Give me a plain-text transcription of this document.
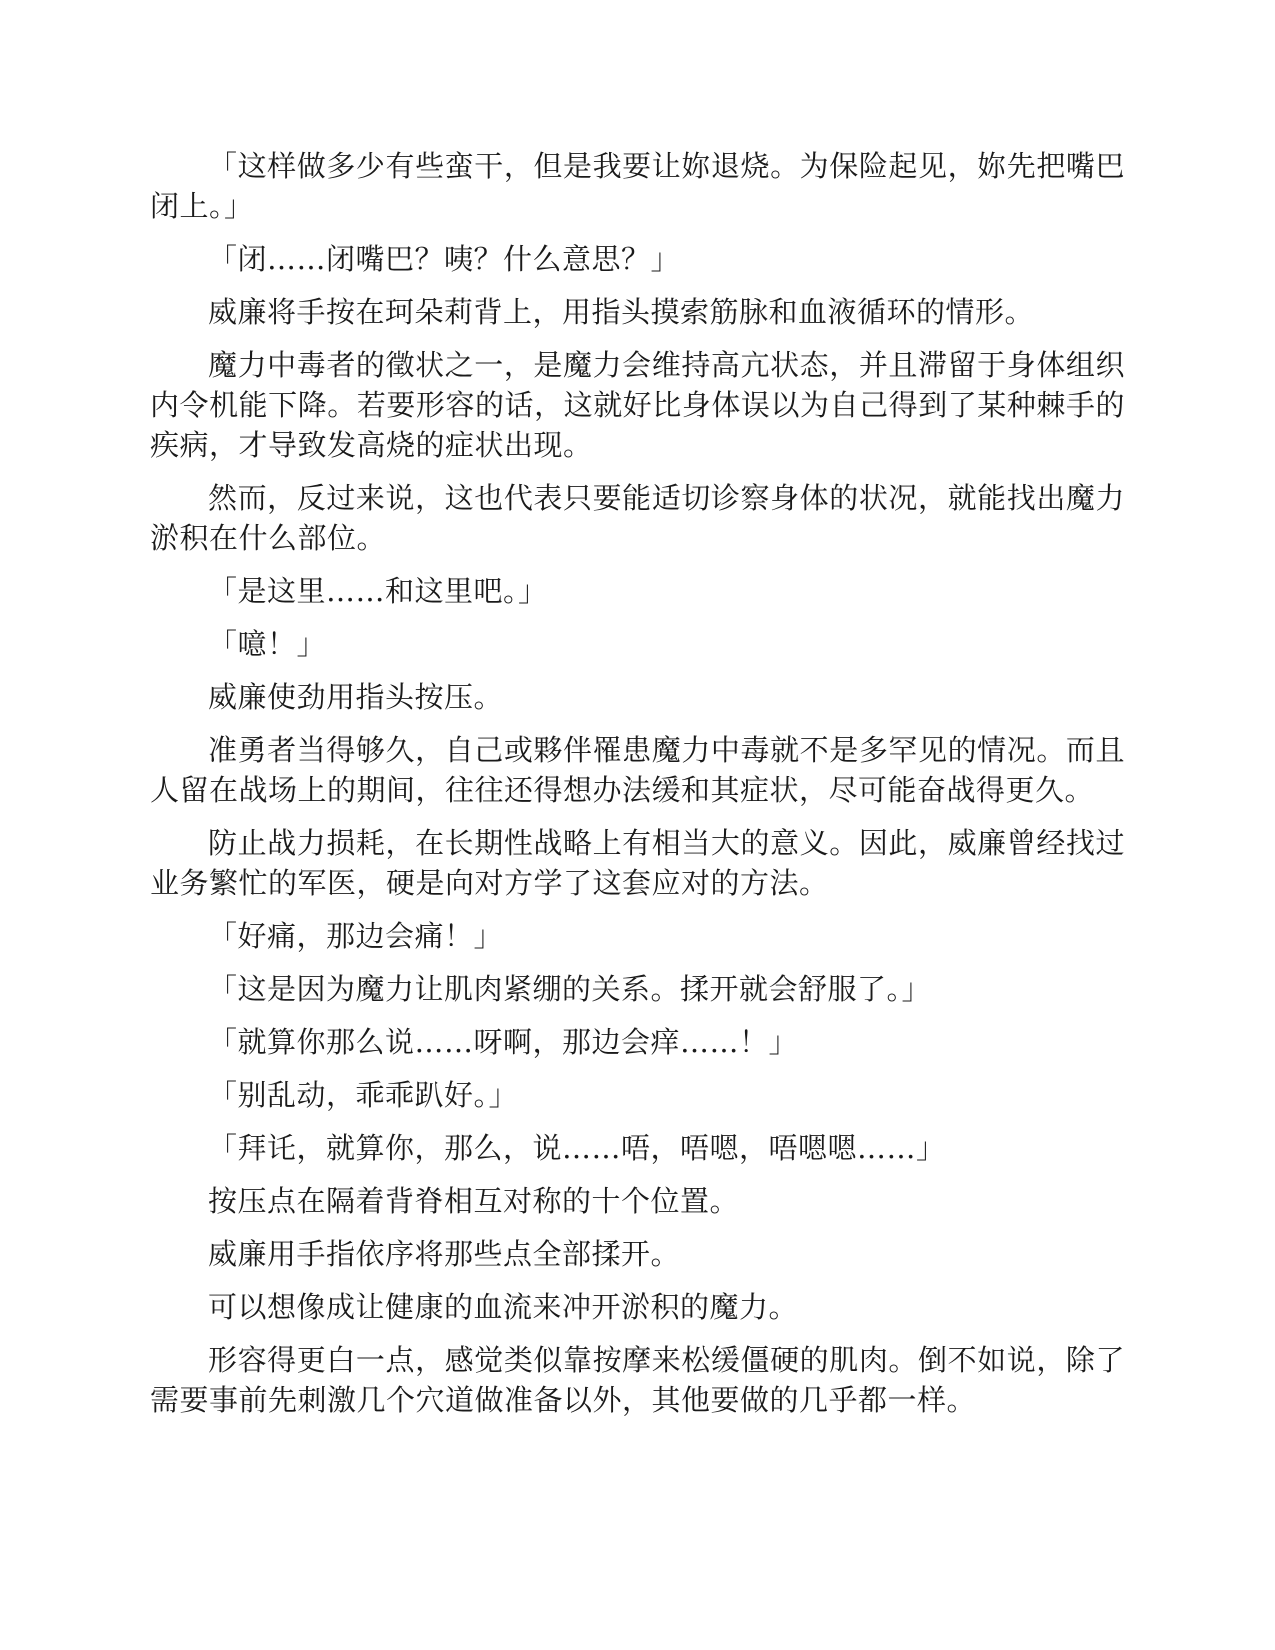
「这样做多少有些蛮干，但是我要让妳退烧。为保险起见，妳先把嘴巴闭上。」

「闭……闭嘴巴？咦？什么意思？」

威廉将手按在珂朵莉背上，用指头摸索筋脉和血液循环的情形。

魔力中毒者的徵状之一，是魔力会维持高亢状态，并且滞留于身体组织内令机能下降。若要形容的话，这就好比身体误以为自己得到了某种棘手的疾病，才导致发高烧的症状出现。

然而，反过来说，这也代表只要能适切诊察身体的状况，就能找出魔力淤积在什么部位。

「是这里……和这里吧。」

「噫！」

威廉使劲用指头按压。

准勇者当得够久，自己或夥伴罹患魔力中毒就不是多罕见的情况。而且人留在战场上的期间，往往还得想办法缓和其症状，尽可能奋战得更久。

防止战力损耗，在长期性战略上有相当大的意义。因此，威廉曾经找过业务繁忙的军医，硬是向对方学了这套应对的方法。

「好痛，那边会痛！」

「这是因为魔力让肌肉紧绷的关系。揉开就会舒服了。」

「就算你那么说……呀啊，那边会痒……！」

「别乱动，乖乖趴好。」

「拜讬，就算你，那么，说……唔，唔嗯，唔嗯嗯……」

按压点在隔着背脊相互对称的十个位置。

威廉用手指依序将那些点全部揉开。

可以想像成让健康的血流来冲开淤积的魔力。

形容得更白一点，感觉类似靠按摩来松缓僵硬的肌肉。倒不如说，除了需要事前先刺激几个穴道做准备以外，其他要做的几乎都一样。
